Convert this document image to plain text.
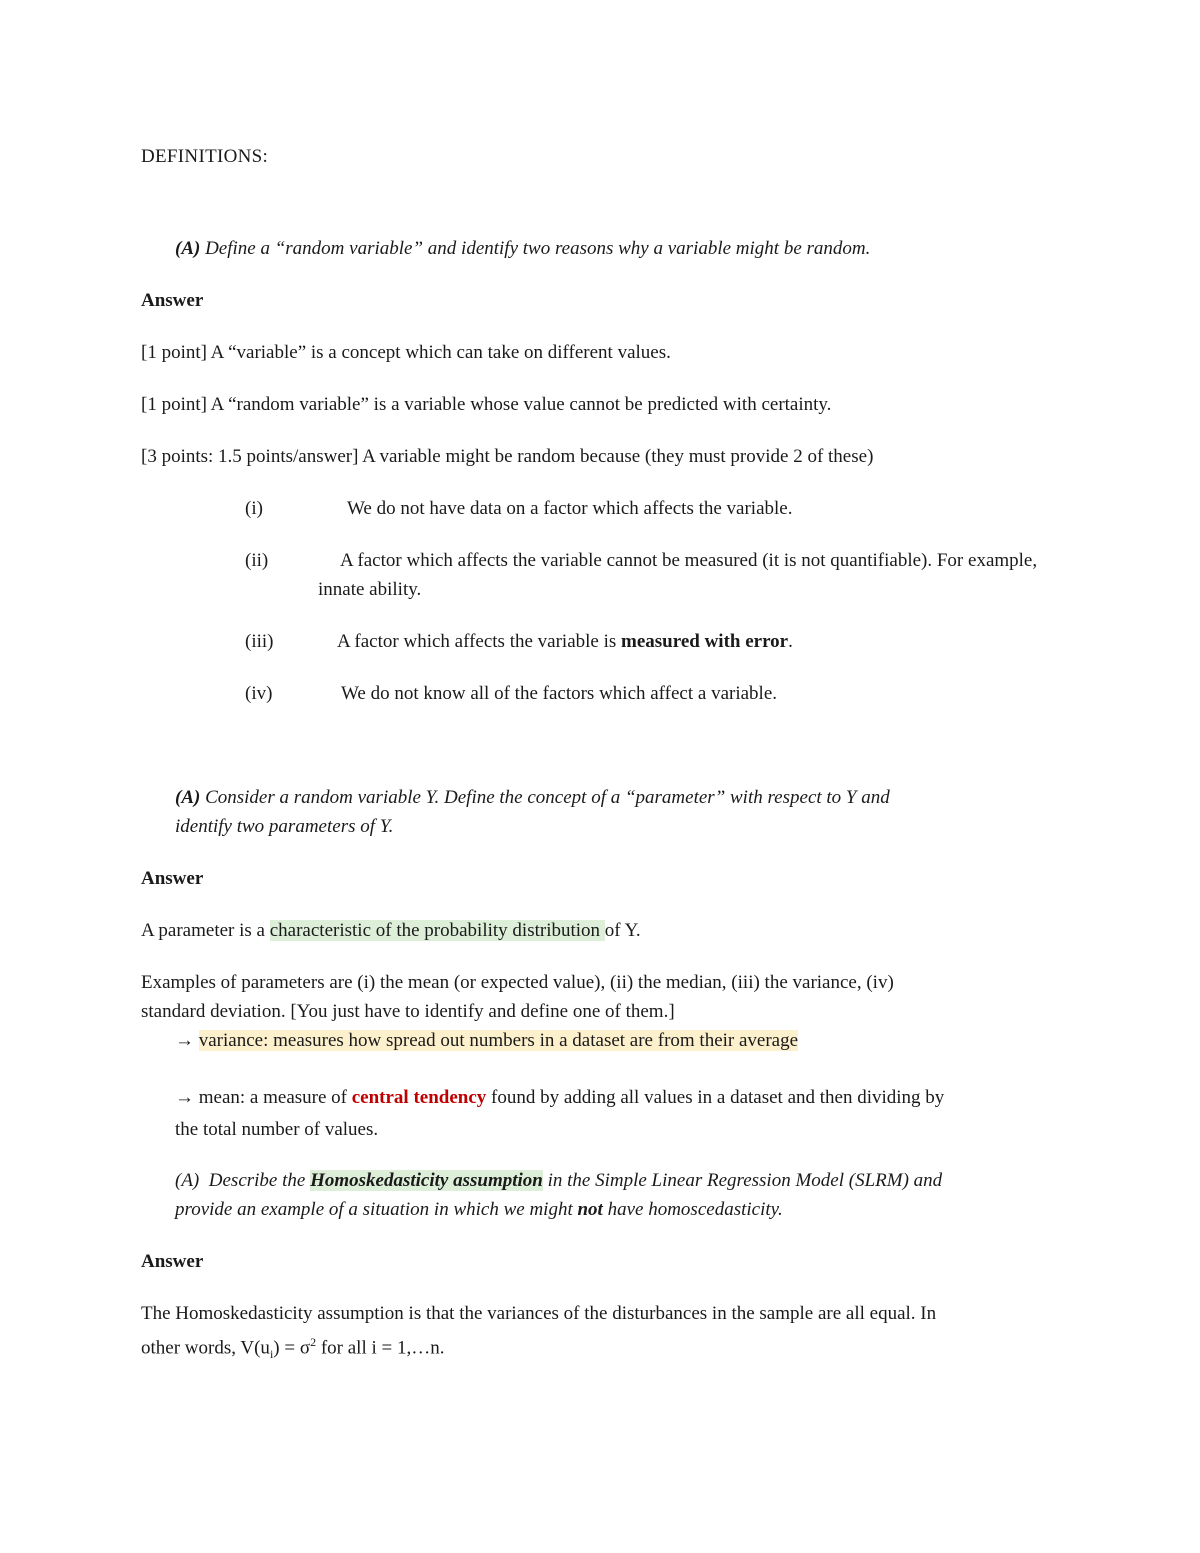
DEFINITIONS:

(A) Define a “random variable” and identify two reasons why a variable might be random.

Answer

[1 point] A “variable” is a concept which can take on different values.

[1 point] A “random variable” is a variable whose value cannot be predicted with certainty.

[3 points: 1.5 points/answer] A variable might be random because (they must provide 2 of these)

(i)	We do not have data on a factor which affects the variable.
(ii)	A factor which affects the variable cannot be measured (it is not quantifiable). For example, innate ability.
(iii)	A factor which affects the variable is measured with error.
(iv)	We do not know all of the factors which affect a variable.

(A) Consider a random variable Y. Define the concept of a “parameter” with respect to Y and
identify two parameters of Y.

Answer

A parameter is a characteristic of the probability distribution of Y.

Examples of parameters are (i) the mean (or expected value), (ii) the median, (iii) the variance, (iv)
standard deviation. [You just have to identify and define one of them.]

→ variance: measures how spread out numbers in a dataset are from their average

→ mean: a measure of central tendency found by adding all values in a dataset and then dividing by
the total number of values.

(A) Describe the Homoskedasticity assumption in the Simple Linear Regression Model (SLRM) and
provide an example of a situation in which we might not have homoscedasticity.

Answer

The Homoskedasticity assumption is that the variances of the disturbances in the sample are all equal. In
other words, $V(u_i) = \sigma^2$ for all i = 1,…n.
